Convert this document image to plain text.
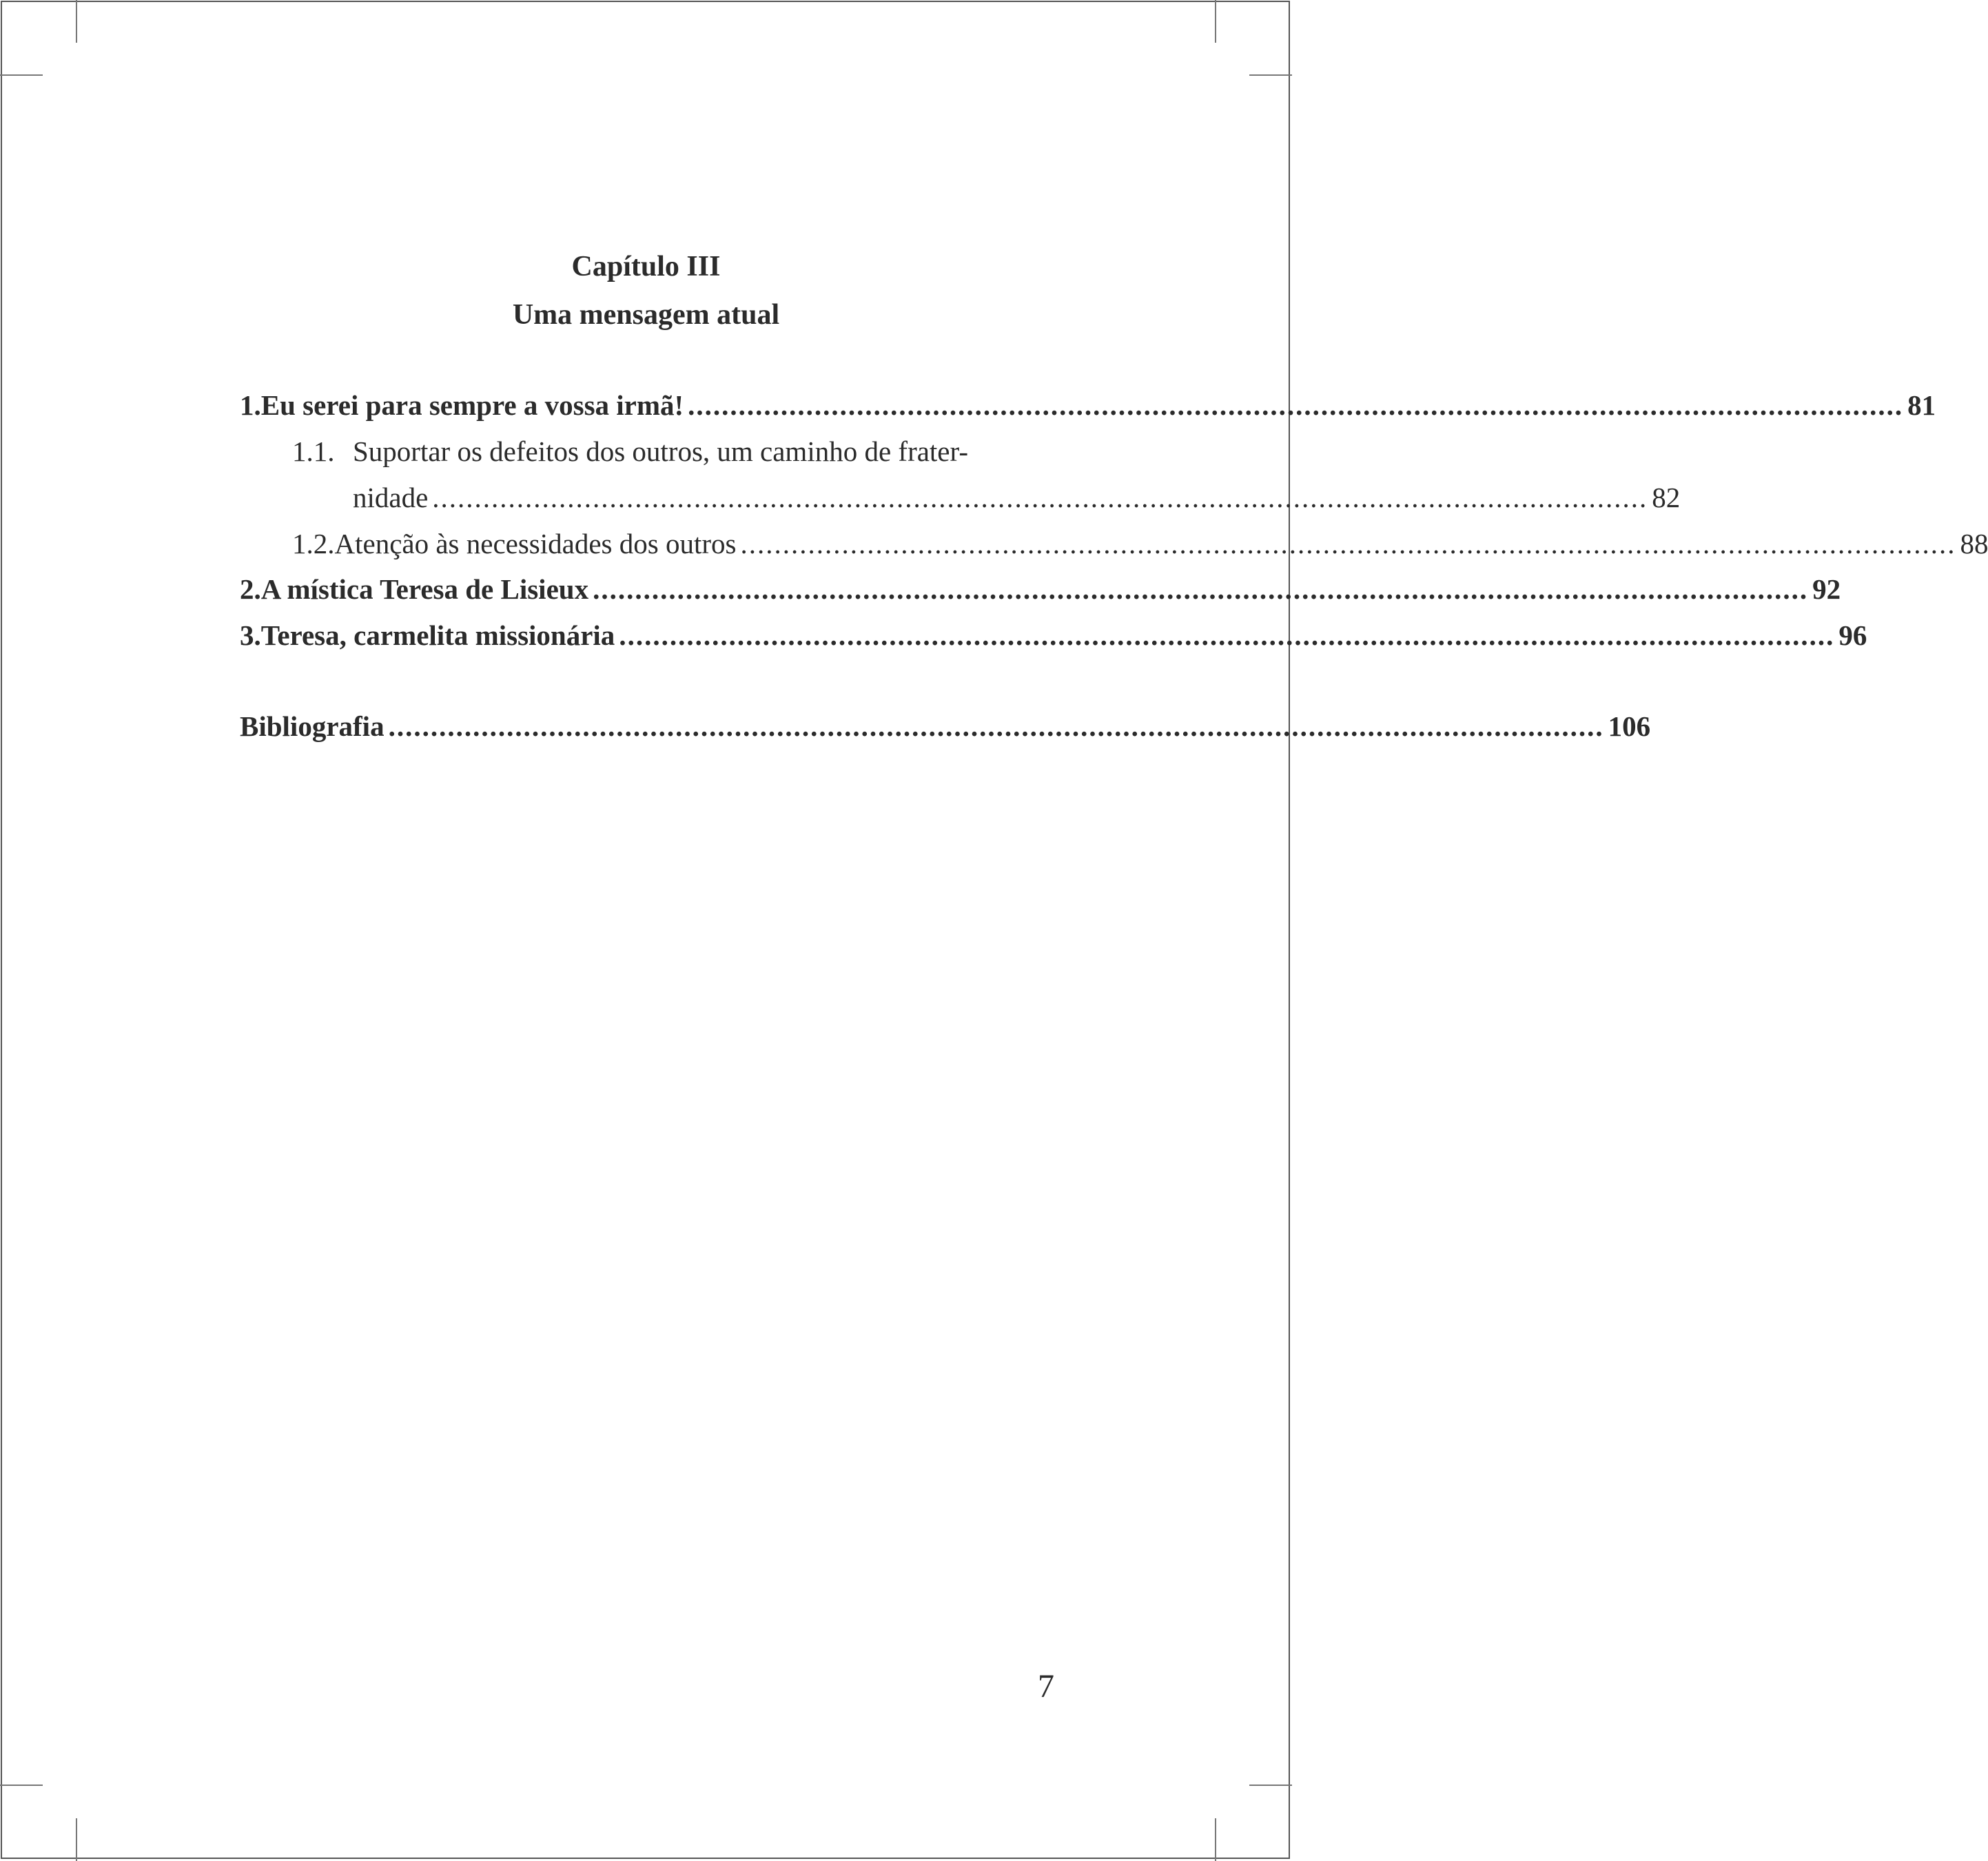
Capítulo III
Uma mensagem atual
1. Eu serei para sempre a vossa irmã! ................................................................................................................................................ 81
1.1. Suportar os defeitos dos outros, um caminho de frater-
nidade ................................................................................................................................................ 82
1.2. Atenção às necessidades dos outros ................................................................................................................................................ 88
2. A mística Teresa de Lisieux ................................................................................................................................................ 92
3. Teresa, carmelita missionária ................................................................................................................................................ 96
Bibliografia ................................................................................................................................................ 106
7
